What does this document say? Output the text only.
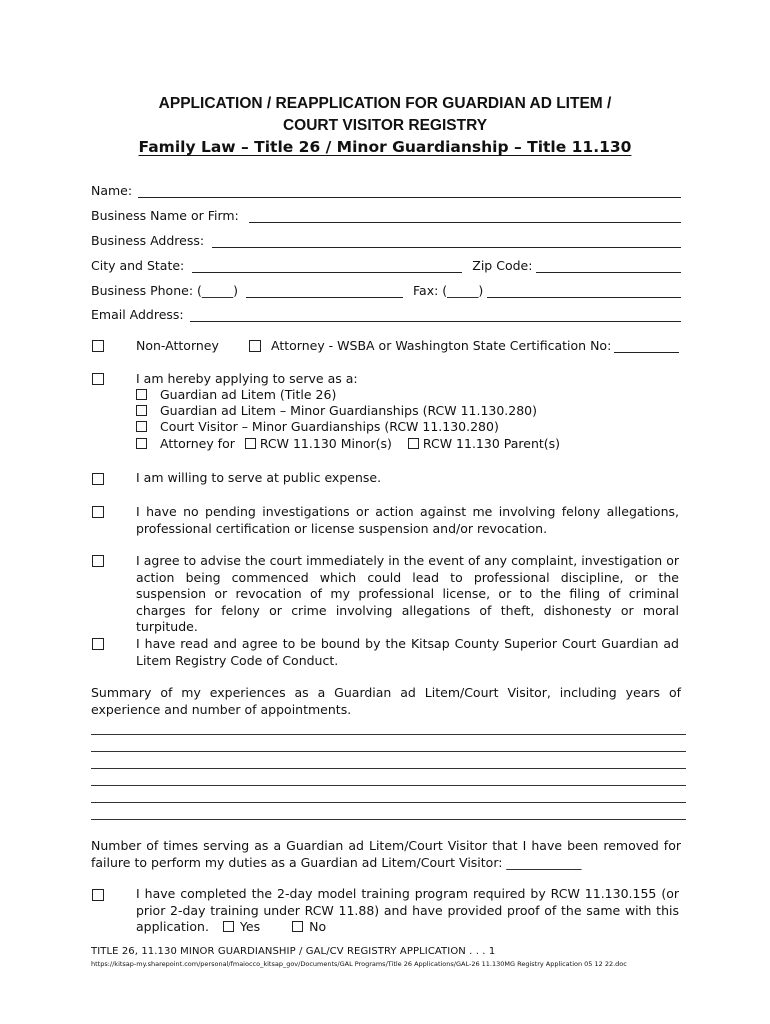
APPLICATION / REAPPLICATION FOR GUARDIAN AD LITEM /
COURT VISITOR REGISTRY
Family Law – Title 26 / Minor Guardianship – Title 11.130
Name:
Business Name or Firm:
Business Address:
City and State:	Zip Code:
Business Phone: (_____)	Fax: (_____)
Email Address:
Non-Attorney	Attorney - WSBA or Washington State Certification No:
I am hereby applying to serve as a:
Guardian ad Litem (Title 26)
Guardian ad Litem – Minor Guardianships (RCW 11.130.280)
Court Visitor – Minor Guardianships (RCW 11.130.280)
Attorney for RCW 11.130 Minor(s) RCW 11.130 Parent(s)
I am willing to serve at public expense.
I have no pending investigations or action against me involving felony allegations, professional certification or license suspension and/or revocation.
I agree to advise the court immediately in the event of any complaint, investigation or action being commenced which could lead to professional discipline, or the suspension or revocation of my professional license, or to the filing of criminal charges for felony or crime involving allegations of theft, dishonesty or moral turpitude.
I have read and agree to be bound by the Kitsap County Superior Court Guardian ad Litem Registry Code of Conduct.
Summary of my experiences as a Guardian ad Litem/Court Visitor, including years of experience and number of appointments.
Number of times serving as a Guardian ad Litem/Court Visitor that I have been removed for failure to perform my duties as a Guardian ad Litem/Court Visitor: ____________
I have completed the 2-day model training program required by RCW 11.130.155 (or prior 2-day training under RCW 11.88) and have provided proof of the same with this application. Yes	No
TITLE 26, 11.130 MINOR GUARDIANSHIP / GAL/CV REGISTRY APPLICATION . . . 1
https://kitsap-my.sharepoint.com/personal/fmaiocco_kitsap_gov/Documents/GAL Programs/Title 26 Applications/GAL-26 11.130MG Registry Application 05 12 22.doc
